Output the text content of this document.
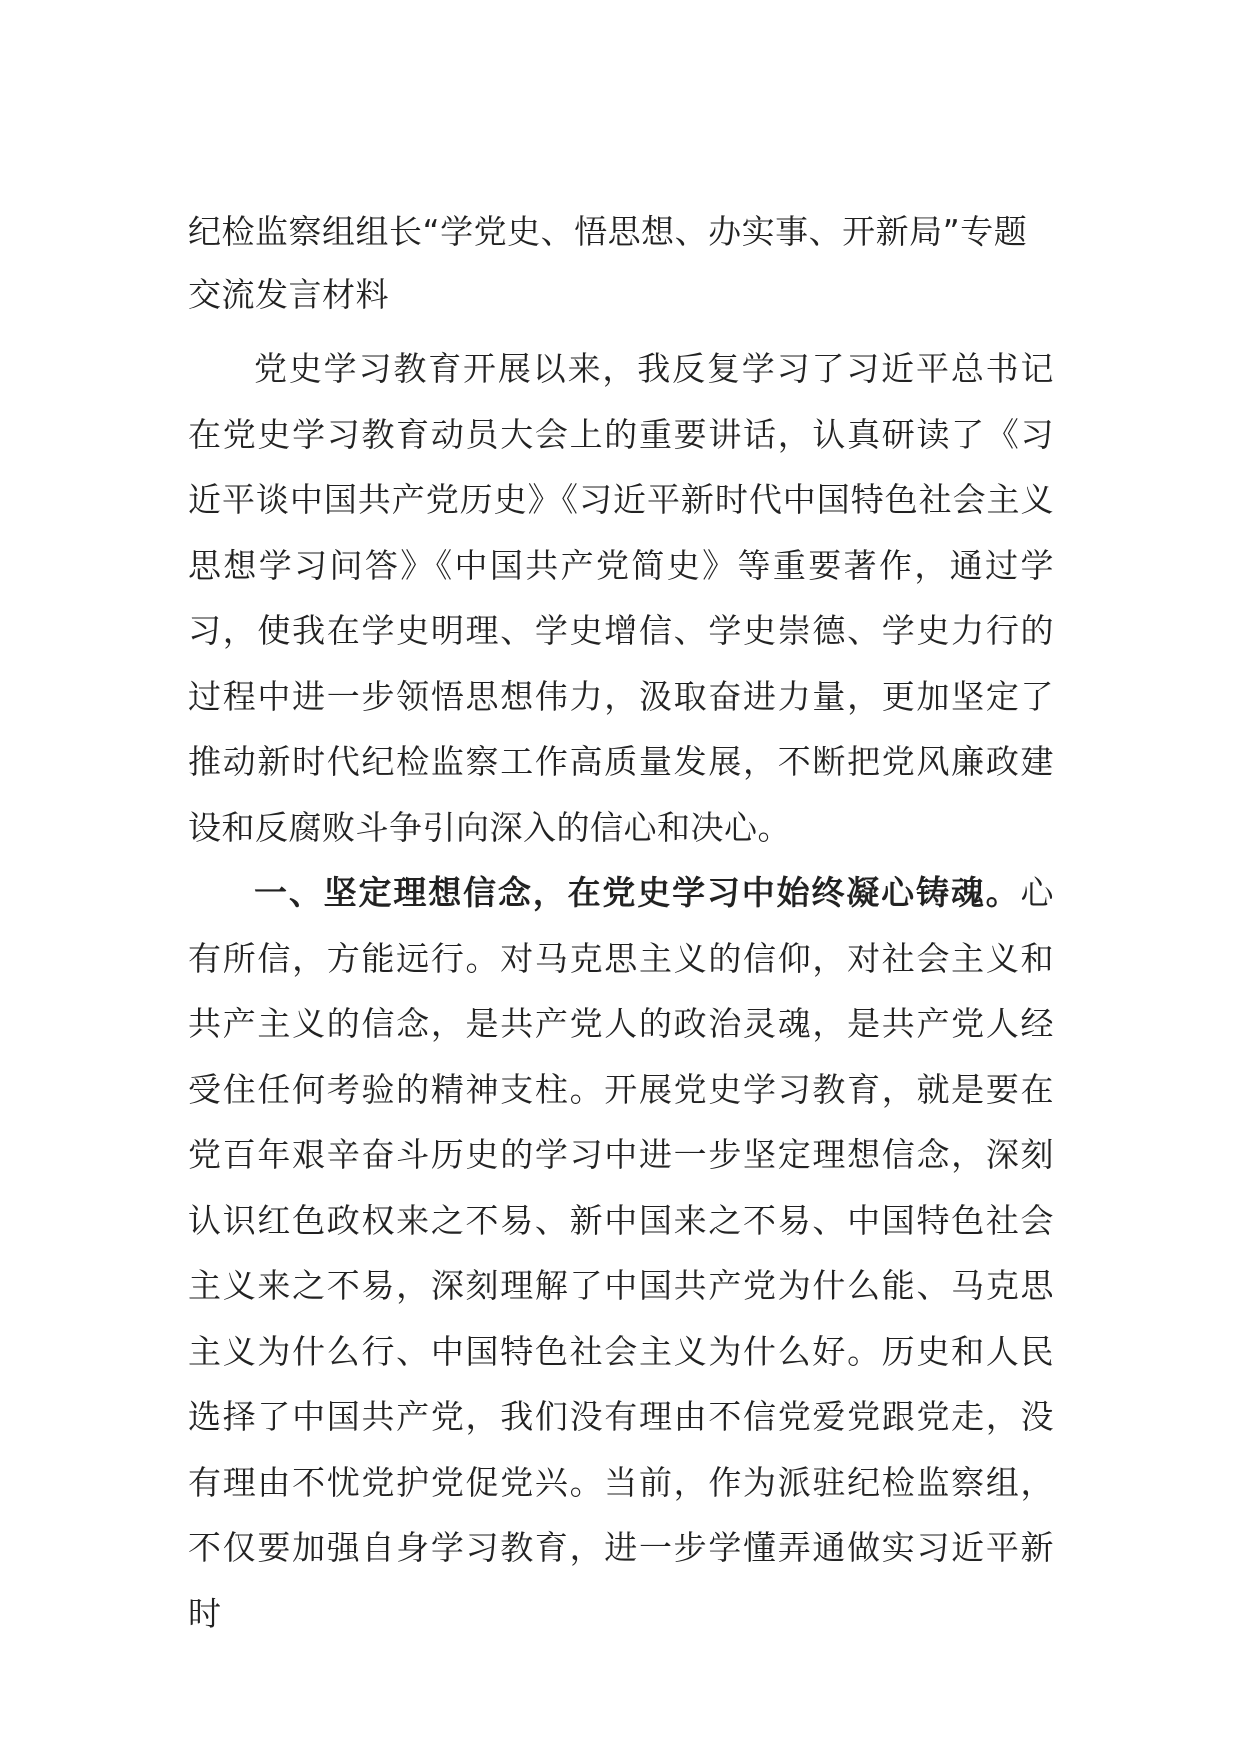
纪检监察组组长“学党史、悟思想、办实事、开新局”专题交流发言材料

党史学习教育开展以来，我反复学习了习近平总书记在党史学习教育动员大会上的重要讲话，认真研读了《习近平谈中国共产党历史》《习近平新时代中国特色社会主义思想学习问答》《中国共产党简史》等重要著作，通过学习，使我在学史明理、学史增信、学史崇德、学史力行的过程中进一步领悟思想伟力，汲取奋进力量，更加坚定了推动新时代纪检监察工作高质量发展，不断把党风廉政建设和反腐败斗争引向深入的信心和决心。

一、坚定理想信念，在党史学习中始终凝心铸魂。心有所信，方能远行。对马克思主义的信仰，对社会主义和共产主义的信念，是共产党人的政治灵魂，是共产党人经受住任何考验的精神支柱。开展党史学习教育，就是要在党百年艰辛奋斗历史的学习中进一步坚定理想信念，深刻认识红色政权来之不易、新中国来之不易、中国特色社会主义来之不易，深刻理解了中国共产党为什么能、马克思主义为什么行、中国特色社会主义为什么好。历史和人民选择了中国共产党，我们没有理由不信党爱党跟党走，没有理由不忧党护党促党兴。当前，作为派驻纪检监察组，不仅要加强自身学习教育，进一步学懂弄通做实习近平新时
